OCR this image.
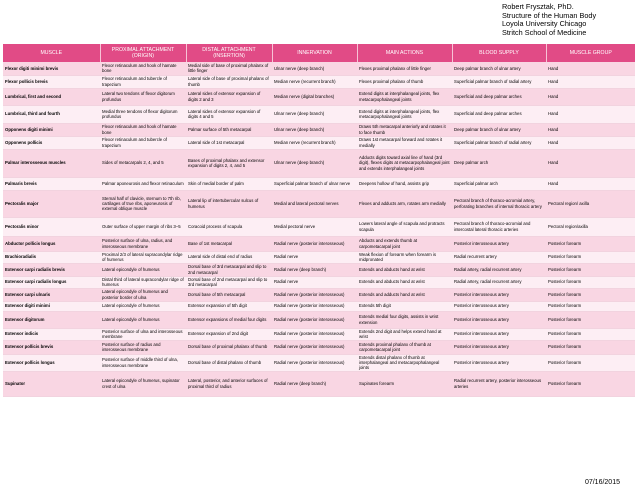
Robert Frysztak, PhD.
Structure of the Human Body
Loyola University Chicago
Stritch School of Medicine
MUSCLE	PROXIMAL ATTACHMENT (ORIGIN)	DISTAL ATTACHMENT (INSERTION)	INNERVATION	MAIN ACTIONS	BLOOD SUPPLY	MUSCLE GROUP
Flexor digiti minimi brevis	Flexor retinaculum and hook of hamate bone	Medial side of base of proximal phalanx of little finger	Ulnar nerve (deep branch)	Flexes proximal phalanx of little finger	Deep palmar branch of ulnar artery	Hand
Flexor pollicis brevis	Flexor retinaculum and tubercle of trapezium	Lateral side of base of proximal phalanx of thumb	Median nerve (recurrent branch)	Flexes proximal phalanx of thumb	Superficial palmar branch of radial artery	Hand
Lumbrical, first and second	Lateral two tendons of flexor digitorum profundus	Lateral sides of extensor expansion of digits 2 and 3	Median nerve (digital branches)	Extend digits at interphalangeal joints, flex metacarpophalangeal joints	Superficial and deep palmar arches	Hand
Lumbrical, third and fourth	Medial three tendons of flexor digitorum profundus	Lateral sides of extensor expansion of digits 4 and 5	Ulnar nerve (deep branch)	Extend digits at interphalangeal joints, flex metacarpophalangeal joints	Superficial and deep palmar arches	Hand
Opponens digiti minimi	Flexor retinaculum and hook of hamate bone	Palmar surface of 5th metacarpal	Ulnar nerve (deep branch)	Draws 5th metacarpal anteriorly and rotates it to face thumb	Deep palmar branch of ulnar artery	Hand
Opponens pollicis	Flexor retinaculum and tubercle of trapezium	Lateral side of 1st metacarpal	Median nerve (recurrent branch)	Draws 1st metacarpal forward and rotates it medially	Superficial palmar branch of radial artery	Hand
Palmar interosseous muscles	Sides of metacarpals 2, 4, and 5	Bases of proximal phalanx and extensor expansion of digits 2, 4, and 5	Ulnar nerve (deep branch)	Adducts digits toward axial line of hand (3rd digit), flexes digits at metacarpophalangeal joint and extends interphalangeal joints	Deep palmar arch	Hand
Palmaris brevis	Palmar aponeurosis and flexor retinaculum	Skin of medial border of palm	Superficial palmar branch of ulnar nerve	Deepens hollow of hand, assists grip	Superficial palmar arch	Hand
Pectoralis major	Sternal half of clavicle, sternum to 7th rib, cartilages of true ribs, aponeurosis of external oblique muscle	Lateral lip of intertubercular sulcus of humerus	Medial and lateral pectoral nerves	Flexes and adducts arm, rotates arm medially	Pectoral branch of thoraco-acromial artery, perforating branches of internal thoracic artery	Pectoral region/ axilla
Pectoralis minor	Outer surface of upper margin of ribs 3–5	Coracoid process of scapula	Medial pectoral nerve	Lowers lateral angle of scapula and protracts scapula	Pectoral branch of thoraco-acromial and intercostal lateral thoracic arteries	Pectoral region/axilla
Abductor pollicis longus	Posterior surface of ulna, radius, and interosseous membrane	Base of 1st metacarpal	Radial nerve (posterior interosseous)	Abducts and extends thumb at carpometacarpal joint	Posterior interosseous artery	Posterior forearm
Brachioradialis	Proximal 2/3 of lateral supracondylar ridge of humerus	Lateral side of distal end of radius	Radial nerve	Weak flexion of forearm when forearm is midpronated	Radial recurrent artery	Posterior forearm
Extensor carpi radialis brevis	Lateral epicondyle of humerus	Dorsal base of 3rd metacarpal and slip to 2nd metacarpal	Radial nerve (deep branch)	Extends and abducts hand at wrist	Radial artery, radial recurrent artery	Posterior forearm
Extensor carpi radialis longus	Distal third of lateral supracondylar ridge of humerus	Dorsal base of 2nd metacarpal and slip to 3rd metacarpal	Radial nerve	Extends and abducts hand at wrist	Radial artery, radial recurrent artery	Posterior forearm
Extensor carpi ulnaris	Lateral epicondyle of humerus and posterior border of ulna	Dorsal base of 5th metacarpal	Radial nerve (posterior interosseous)	Extends and adducts hand at wrist	Posterior interosseous artery	Posterior forearm
Extensor digiti minimi	Lateral epicondyle of humerus	Extensor expansion of 5th digit	Radial nerve (posterior interosseous)	Extends 5th digit	Posterior interosseous artery	Posterior forearm
Extensor digitorum	Lateral epicondyle of humerus	Extensor expansions of medial four digits	Radial nerve (posterior interosseous)	Extends medial four digits, assists in wrist extension	Posterior interosseous artery	Posterior forearm
Extensor indicis	Posterior surface of ulna and interosseous membrane	Extensor expansion of 2nd digit	Radial nerve (posterior interosseous)	Extends 2nd digit and helps extend hand at wrist	Posterior interosseous artery	Posterior forearm
Extensor pollicis brevis	Posterior surface of radius and interosseous membrane	Dorsal base of proximal phalanx of thumb	Radial nerve (posterior interosseous)	Extends proximal phalanx of thumb at carpometacarpal joint	Posterior interosseous artery	Posterior forearm
Extensor pollicis longus	Posterior surface of middle third of ulna, interosseous membrane	Dorsal base of distal phalanx of thumb	Radial nerve (posterior interosseous)	Extends distal phalanx of thumb at interphalangeal and metacarpophalangeal joints	Posterior interosseous artery	Posterior forearm
Supinator	Lateral epicondyle of humerus, supinator crest of ulna	Lateral, posterior, and anterior surfaces of proximal third of radius	Radial nerve (deep branch)	Supinates forearm	Radial recurrent artery, posterior interosseous arteries	Posterior forearm
07/16/2015
